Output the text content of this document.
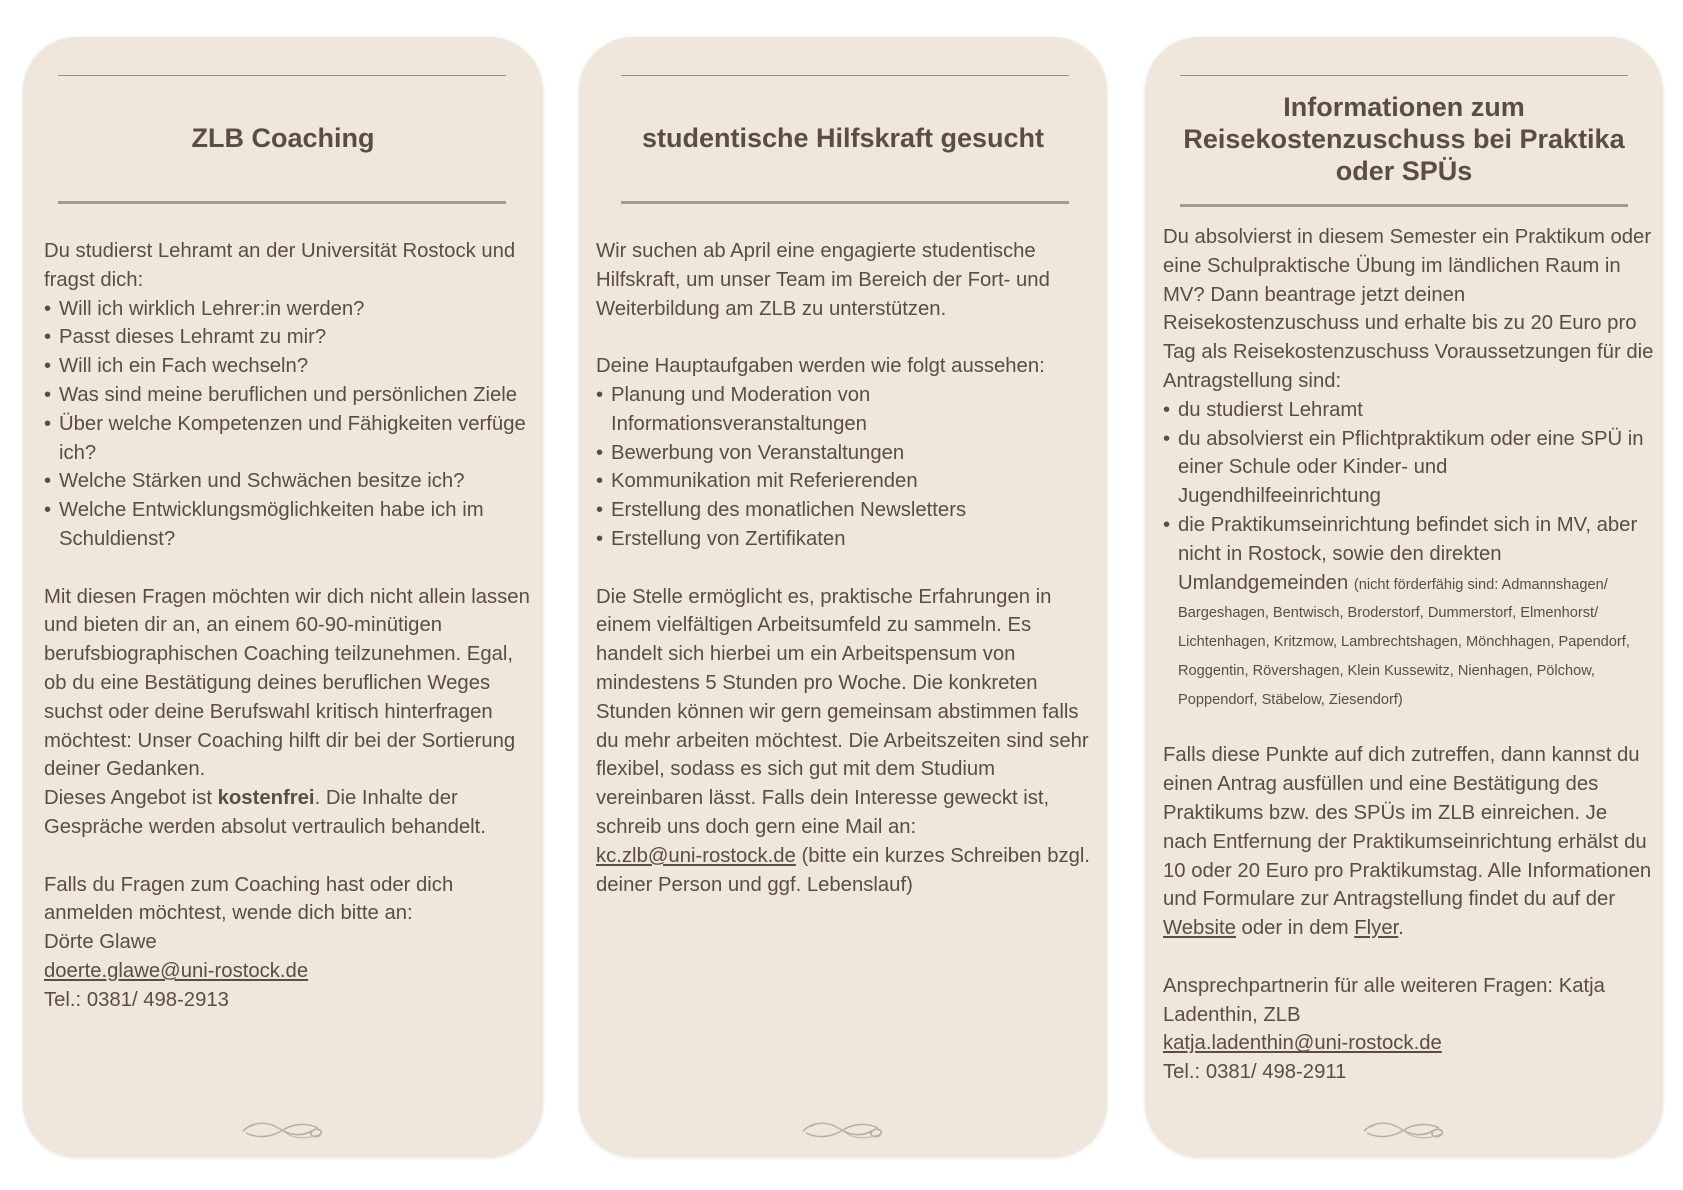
ZLB Coaching

Du studierst Lehramt an der Universität Rostock und fragst dich:

• Will ich wirklich Lehrer:in werden?
• Passt dieses Lehramt zu mir?
• Will ich ein Fach wechseln?
• Was sind meine beruflichen und persönlichen Ziele
• Über welche Kompetenzen und Fähigkeiten verfüge ich?
• Welche Stärken und Schwächen besitze ich?
• Welche Entwicklungsmöglichkeiten habe ich im Schuldienst?

Mit diesen Fragen möchten wir dich nicht allein lassen und bieten dir an, an einem 60-90-minütigen berufsbiographischen Coaching teilzunehmen. Egal, ob du eine Bestätigung deines beruflichen Weges suchst oder deine Berufswahl kritisch hinterfragen möchtest: Unser Coaching hilft dir bei der Sortierung deiner Gedanken.

Dieses Angebot ist kostenfrei. Die Inhalte der Gespräche werden absolut vertraulich behandelt.

Falls du Fragen zum Coaching hast oder dich anmelden möchtest, wende dich bitte an:

Dörte Glawe

doerte.glawe@uni-rostock.de

Tel.: 0381/ 498-2913

studentische Hilfskraft gesucht

Wir suchen ab April eine engagierte studentische Hilfskraft, um unser Team im Bereich der Fort- und Weiterbildung am ZLB zu unterstützen.

Deine Hauptaufgaben werden wie folgt aussehen:

• Planung und Moderation von Informationsveranstaltungen
• Bewerbung von Veranstaltungen
• Kommunikation mit Referierenden
• Erstellung des monatlichen Newsletters
• Erstellung von Zertifikaten

Die Stelle ermöglicht es, praktische Erfahrungen in einem vielfältigen Arbeitsumfeld zu sammeln. Es handelt sich hierbei um ein Arbeitspensum von mindestens 5 Stunden pro Woche. Die konkreten Stunden können wir gern gemeinsam abstimmen falls du mehr arbeiten möchtest. Die Arbeitszeiten sind sehr flexibel, sodass es sich gut mit dem Studium vereinbaren lässt. Falls dein Interesse geweckt ist, schreib uns doch gern eine Mail an:

kc.zlb@uni-rostock.de (bitte ein kurzes Schreiben bzgl. deiner Person und ggf. Lebenslauf)

Informationen zum Reisekostenzuschuss bei Praktika oder SPÜs

Du absolvierst in diesem Semester ein Praktikum oder eine Schulpraktische Übung im ländlichen Raum in MV? Dann beantrage jetzt deinen Reisekostenzuschuss und erhalte bis zu 20 Euro pro Tag als Reisekostenzuschuss Voraussetzungen für die Antragstellung sind:

• du studierst Lehramt
• du absolvierst ein Pflichtpraktikum oder eine SPÜ in einer Schule oder Kinder- und Jugendhilfeeinrichtung
• die Praktikumseinrichtung befindet sich in MV, aber nicht in Rostock, sowie den direkten Umlandgemeinden (nicht förderfähig sind: Admannshagen/ Bargeshagen, Bentwisch, Broderstorf, Dummerstorf, Elmenhorst/ Lichtenhagen, Kritzmow, Lambrechtshagen, Mönchhagen, Papendorf, Roggentin, Rövershagen, Klein Kussewitz, Nienhagen, Pölchow, Poppendorf, Stäbelow, Ziesendorf)

Falls diese Punkte auf dich zutreffen, dann kannst du einen Antrag ausfüllen und eine Bestätigung des Praktikums bzw. des SPÜs im ZLB einreichen. Je nach Entfernung der Praktikumseinrichtung erhälst du 10 oder 20 Euro pro Praktikumstag. Alle Informationen und Formulare zur Antragstellung findet du auf der Website oder in dem Flyer.

Ansprechpartnerin für alle weiteren Fragen: Katja Ladenthin, ZLB

katja.ladenthin@uni-rostock.de

Tel.: 0381/ 498-2911
